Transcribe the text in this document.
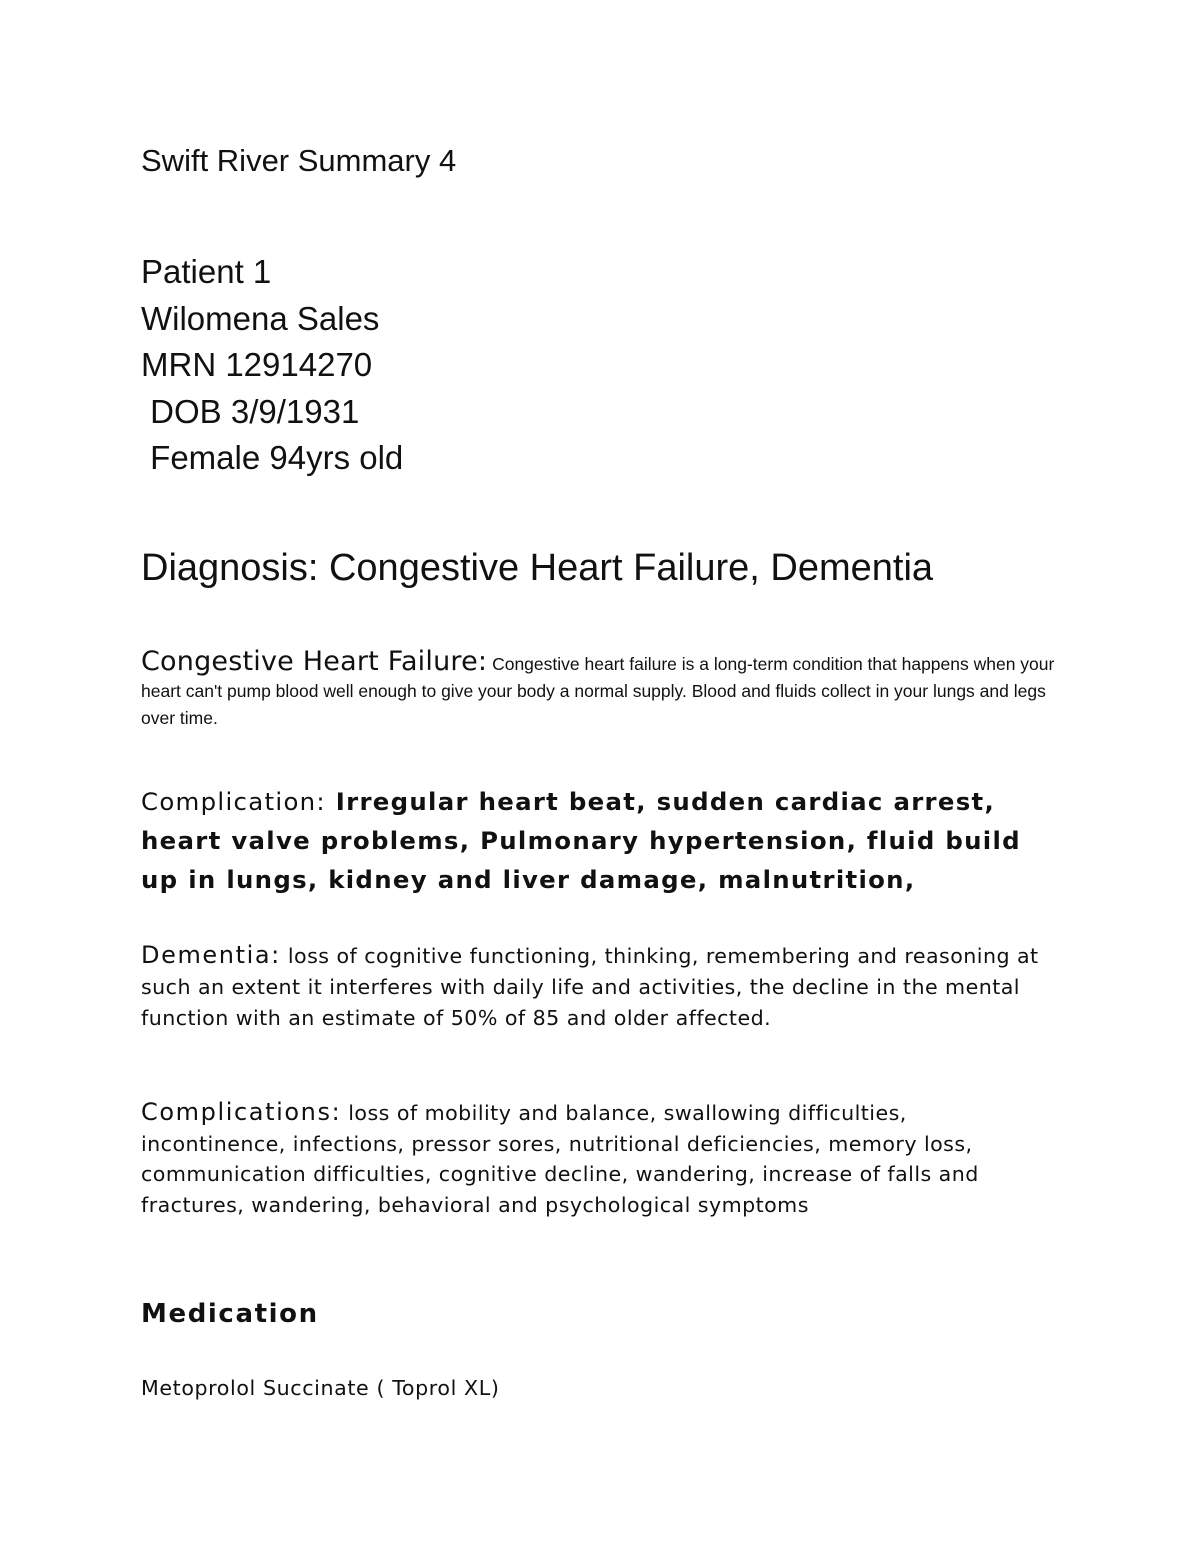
Swift River Summary 4
Patient 1
Wilomena Sales
MRN 12914270
DOB 3/9/1931
Female 94yrs old
Diagnosis: Congestive Heart Failure, Dementia

Congestive Heart Failure: Congestive heart failure is a long-term condition that happens when your heart can't pump blood well enough to give your body a normal supply. Blood and fluids collect in your lungs and legs over time.

Complication: Irregular heart beat, sudden cardiac arrest, heart valve problems, Pulmonary hypertension, fluid build up in lungs, kidney and liver damage, malnutrition,

Dementia: loss of cognitive functioning, thinking, remembering and reasoning at such an extent it interferes with daily life and activities, the decline in the mental function with an estimate of 50% of 85 and older affected.

Complications: loss of mobility and balance, swallowing difficulties, incontinence, infections, pressor sores, nutritional deficiencies, memory loss, communication difficulties, cognitive decline, wandering, increase of falls and fractures, wandering, behavioral and psychological symptoms

Medication
Metoprolol Succinate ( Toprol XL)
